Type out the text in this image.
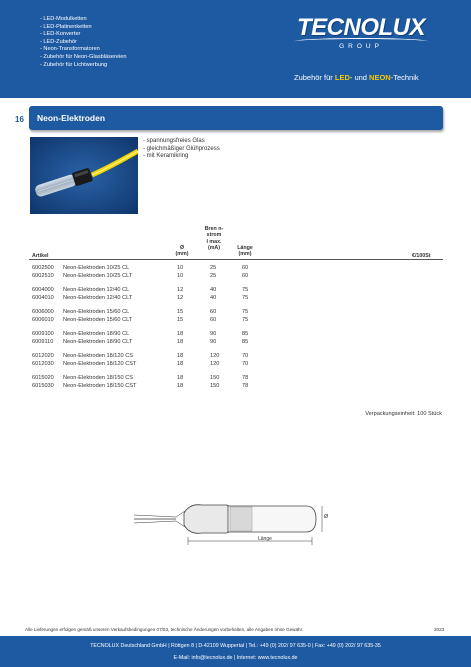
- LED-Modulketten
- LED-Platinenketten
- LED-Konverter
- LED-Zubehör
- Neon-Transformatoren
- Zubehör für Neon-Glasbläsereien
- Zubehör für Lichtwerbung
TECNOLUX
GROUP
Zubehör für LED- und NEON-Technik
16 Neon-Elektroden
- spannungsfreies Glas
- gleichmäßiger Glühprozess
- mit Keramikring
Artikel
Ø
(mm)
Bren n-
strom
I max.
(mA)	Länge
(mm)	€/100St
6002500 Neon-Elektroden 10/25 CL	10	25	60
6002510 Neon-Elektroden 10/25 CLT	10	25	60
6004000 Neon-Elektroden 12/40 CL	12	40	75
6004010 Neon-Elektroden 12/40 CLT	12	40	75
6006000 Neon-Elektroden 15/60 CL	15	60	75
6006010 Neon-Elektroden 15/60 CLT	15	60	75
6009100 Neon-Elektroden 18/90 CL	18	90	85
6009110 Neon-Elektroden 18/90 CLT	18	90	85
6012020 Neon-Elektroden 18/120 CS	18	120	70
6012030 Neon-Elektroden 18/120 CST	18	120	70
6015020 Neon-Elektroden 18/150 CS	18	150	78
6015030 Neon-Elektroden 18/150 CST	18	150	78
Verpackungseinheit: 100 Stück
Länge
Ø
Alle Lieferungen erfolgen gemäß unseren Verkaufsbedingungen 07/03, technische Änderungen vorbehalten, alle Angaben ohne Gewähr.	2023
TECNOLUX Deutschland GmbH | Röttgen 8 | D-42109 Wuppertal | Tel.: +49 (0) 202/ 97 635-0 | Fax: +49 (0) 202/ 97 635-35
E-Mail: info@tecnolux.de | Internet: www.tecnolux.de
